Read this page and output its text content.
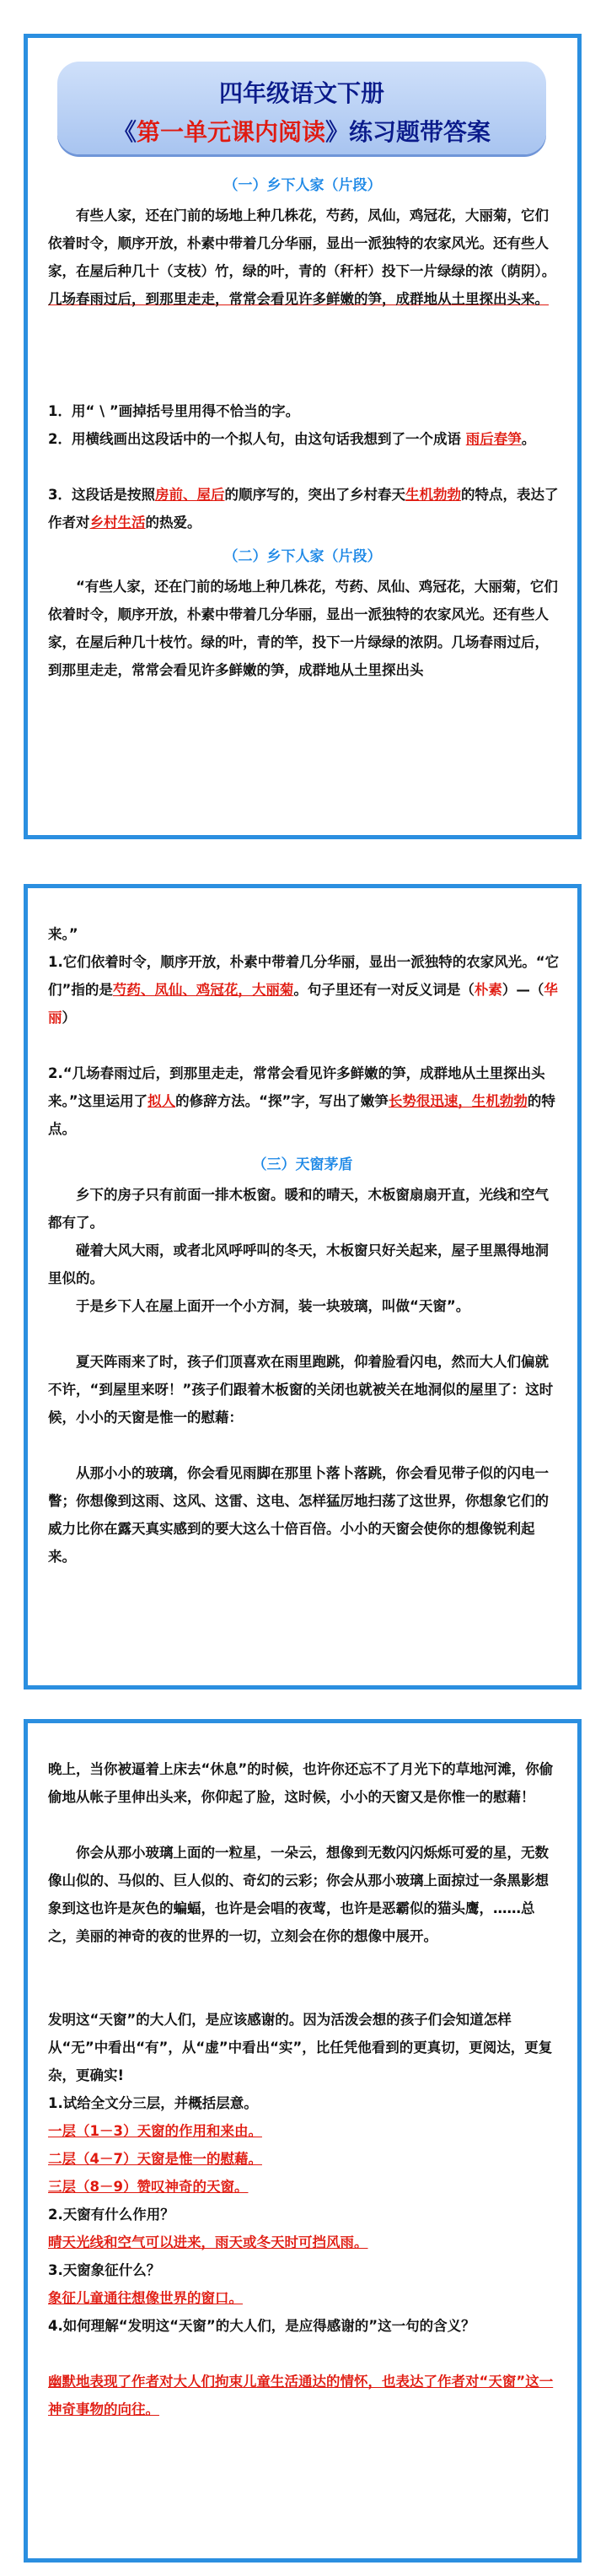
四年级语文下册
《第一单元课内阅读》练习题带答案
（一）乡下人家（片段）

有些人家，还在门前的场地上种几株花，芍药，凤仙，鸡冠花，大丽菊，它们依着时令，顺序开放，朴素中带着几分华丽，显出一派独特的农家风光。还有些人家，在屋后种几十（支枝）竹，绿的叶，青的（秆杆）投下一片绿绿的浓（荫阴）。 几场春雨过后，到那里走走，常常会看见许多鲜嫩的笋，成群地从土里探出头来。

1．用“ \ ”画掉括号里用得不恰当的字。

2．用横线画出这段话中的一个拟人句，由这句话我想到了一个成语 雨后春笋。

3．这段话是按照房前、屋后的顺序写的，突出了乡村春天生机勃勃的特点，表达了作者对乡村生活的热爱。

（二）乡下人家（片段）

“有些人家，还在门前的场地上种几株花，芍药、凤仙、鸡冠花，大丽菊，它们依着时令，顺序开放，朴素中带着几分华丽，显出一派独特的农家风光。还有些人家，在屋后种几十枝竹。绿的叶，青的竿，投下一片绿绿的浓阴。几场春雨过后，到那里走走，常常会看见许多鲜嫩的笋，成群地从土里探出头

来。”

1.它们依着时令，顺序开放，朴素中带着几分华丽，显出一派独特的农家风光。“它们”指的是芍药、凤仙、鸡冠花，大丽菊。句子里还有一对反义词是（朴素）—（华丽）

2.“几场春雨过后，到那里走走，常常会看见许多鲜嫩的笋，成群地从土里探出头来。”这里运用了拟人的修辞方法。“探”字，写出了嫩笋长势很迅速，生机勃勃的特点。

（三）天窗茅盾

乡下的房子只有前面一排木板窗。暖和的晴天，木板窗扇扇开直，光线和空气都有了。

碰着大风大雨，或者北风呼呼叫的冬天，木板窗只好关起来，屋子里黑得地洞里似的。

于是乡下人在屋上面开一个小方洞，装一块玻璃，叫做“天窗”。

夏天阵雨来了时，孩子们顶喜欢在雨里跑跳，仰着脸看闪电，然而大人们偏就不许，“到屋里来呀！”孩子们跟着木板窗的关闭也就被关在地洞似的屋里了：这时候，小小的天窗是惟一的慰藉：

从那小小的玻璃，你会看见雨脚在那里卜落卜落跳，你会看见带子似的闪电一瞥；你想像到这雨、这风、这雷、这电、怎样猛厉地扫荡了这世界，你想象它们的威力比你在露天真实感到的要大这么十倍百倍。小小的天窗会使你的想像锐利起来。

晚上，当你被逼着上床去“休息”的时候，也许你还忘不了月光下的草地河滩，你偷偷地从帐子里伸出头来，你仰起了脸，这时候，小小的天窗又是你惟一的慰藉！

你会从那小玻璃上面的一粒星，一朵云，想像到无数闪闪烁烁可爱的星，无数像山似的、马似的、巨人似的、奇幻的云彩；你会从那小玻璃上面掠过一条黑影想象到这也许是灰色的蝙蝠，也许是会唱的夜莺，也许是恶霸似的猫头鹰，……总之，美丽的神奇的夜的世界的一切，立刻会在你的想像中展开。

发明这“天窗”的大人们，是应该感谢的。因为活泼会想的孩子们会知道怎样从“无”中看出“有”，从“虚”中看出“实”，比任凭他看到的更真切，更阅达，更复杂，更确实!

1.试给全文分三层，并概括层意。

一层（1－3）天窗的作用和来由。

二层（4－7）天窗是惟一的慰藉。

三层（8－9）赞叹神奇的天窗。

2.天窗有什么作用？

晴天光线和空气可以进来，雨天或冬天时可挡风雨。

3.天窗象征什么？

象征儿童通往想像世界的窗口。

4.如何理解“发明这“天窗”的大人们，是应得感谢的”这一句的含义？

幽默地表现了作者对大人们拘束儿童生活通达的情怀，也表达了作者对“天窗”这一神奇事物的向往。
